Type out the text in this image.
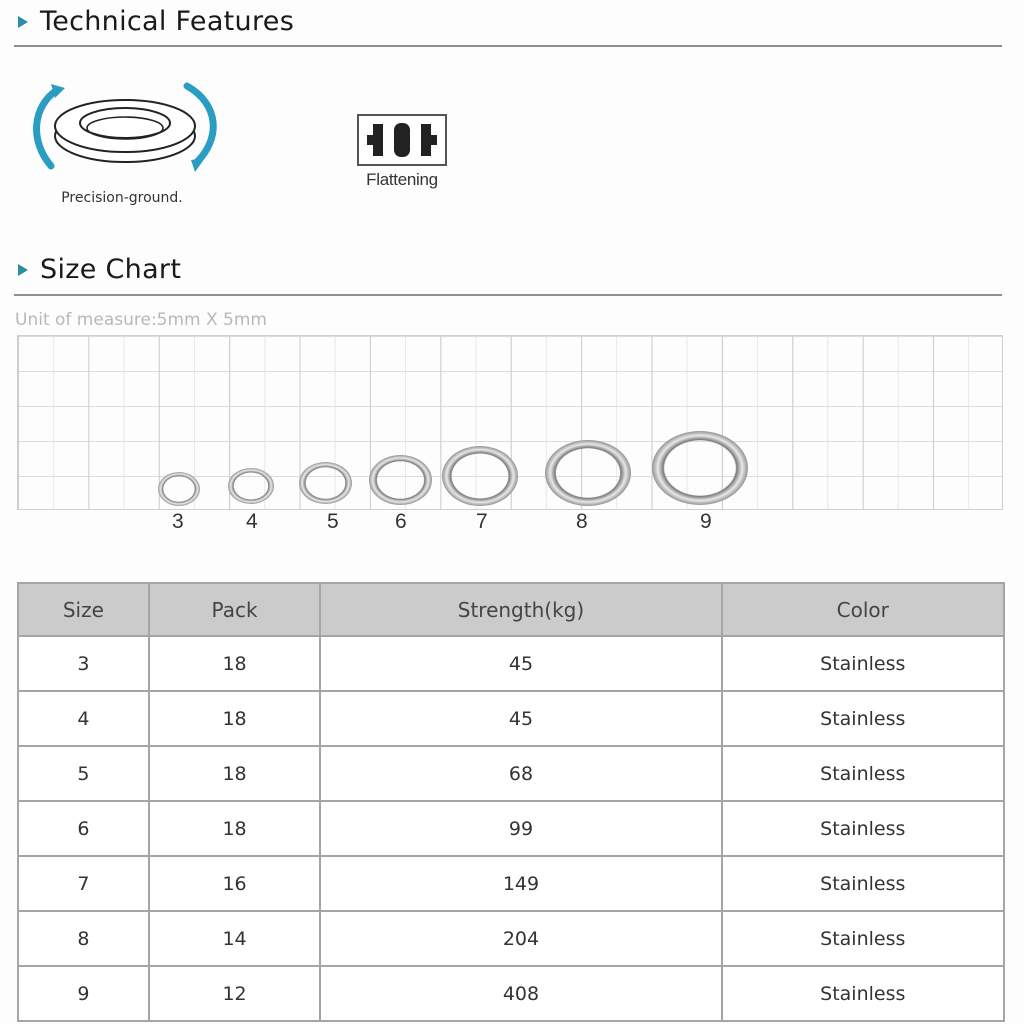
Technical Features
Precision-ground.
Flattening
Size Chart
Unit of measure:5mm X 5mm
3	4	5	6	7	8	9
Size	Pack	Strength(kg)	Color
3	18	45	Stainless
4	18	45	Stainless
5	18	68	Stainless
6	18	99	Stainless
7	16	149	Stainless
8	14	204	Stainless
9	12	408	Stainless
